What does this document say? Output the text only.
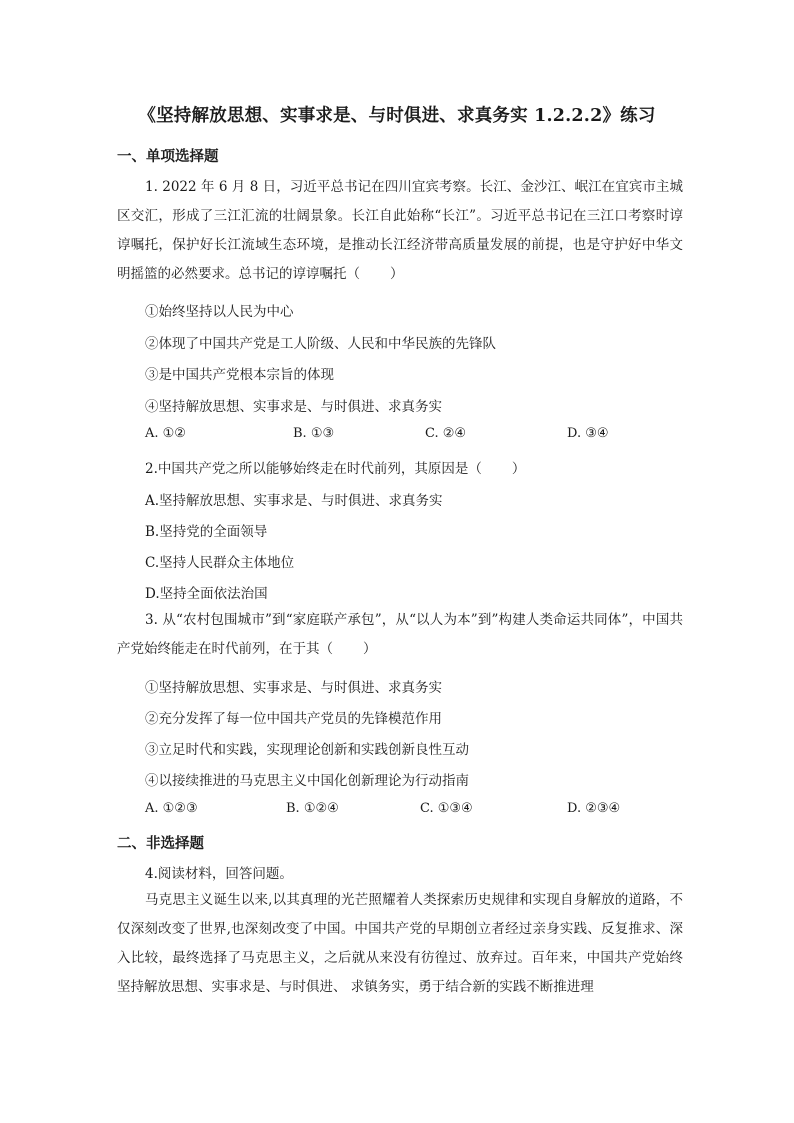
《坚持解放思想、实事求是、与时俱进、求真务实 1.2.2.2》练习
一、单项选择题
1. 2022 年 6 月 8 日，习近平总书记在四川宜宾考察。长江、金沙江、岷江在宜宾市主城区交汇，形成了三江汇流的壮阔景象。长江自此始称“长江”。习近平总书记在三江口考察时谆谆嘱托，保护好长江流域生态环境，是推动长江经济带高质量发展的前提，也是守护好中华文明摇篮的必然要求。总书记的谆谆嘱托（ ）
①始终坚持以人民为中心
②体现了中国共产党是工人阶级、人民和中华民族的先锋队
③是中国共产党根本宗旨的体现
④坚持解放思想、实事求是、与时俱进、求真务实
A. ①②	B. ①③	C. ②④	D. ③④
2.中国共产党之所以能够始终走在时代前列，其原因是（ ）
A.坚持解放思想、实事求是、与时俱进、求真务实
B.坚持党的全面领导
C.坚持人民群众主体地位
D.坚持全面依法治国
3. 从“农村包围城市”到“家庭联产承包”，从“以人为本”到”构建人类命运共同体”，中国共产党始终能走在时代前列，在于其（ ）
①坚持解放思想、实事求是、与时俱进、求真务实
②充分发挥了每一位中国共产党员的先锋模范作用
③立足时代和实践，实现理论创新和实践创新良性互动
④以接续推进的马克思主义中国化创新理论为行动指南
A. ①②③	B. ①②④	C. ①③④	D. ②③④
二、非选择题
4.阅读材料，回答问题。
马克思主义诞生以来,以其真理的光芒照耀着人类探索历史规律和实现自身解放的道路，不仅深刻改变了世界,也深刻改变了中国。中国共产党的早期创立者经过亲身实践、反复推求、深入比较，最终选择了马克思主义，之后就从来没有彷徨过、放弃过。百年来，中国共产党始终坚持解放思想、实事求是、与时俱进、 求镇务实，勇于结合新的实践不断推进理
